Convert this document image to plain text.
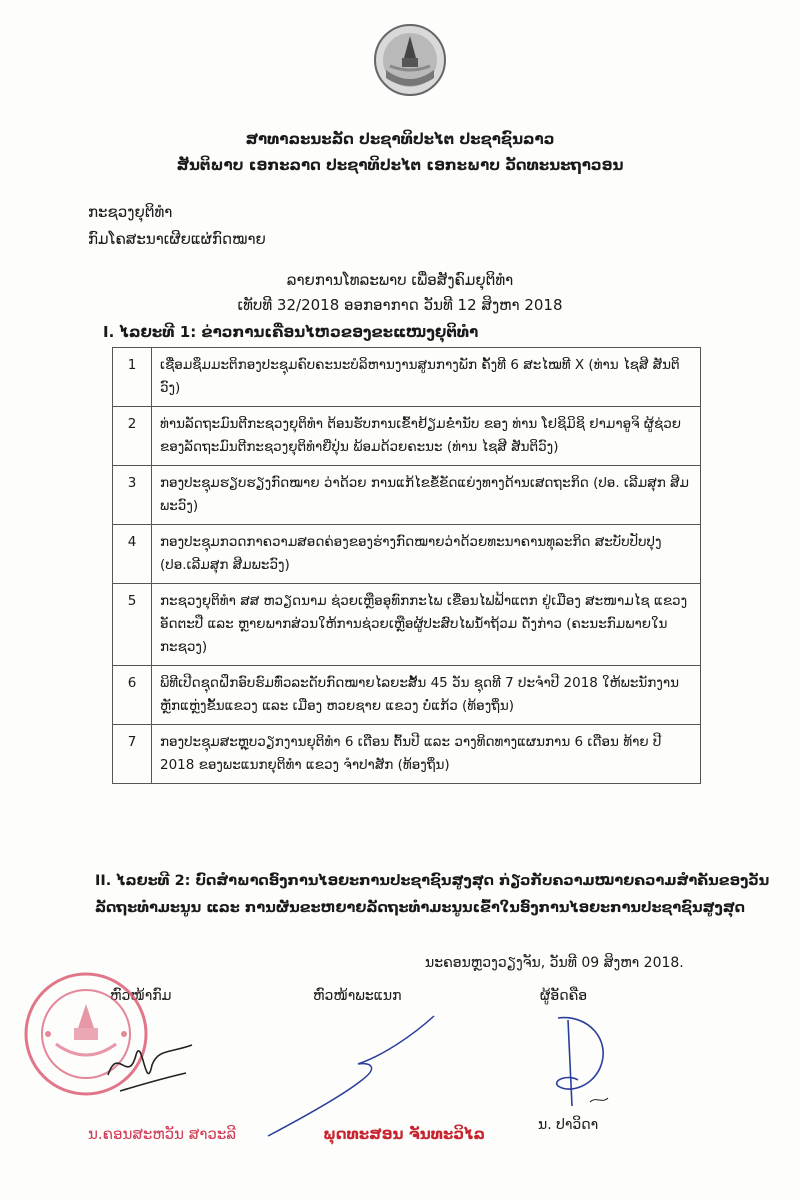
ສາທາລະນະລັດ ປະຊາທິປະໄຕ ປະຊາຊົນລາວ
ສັນຕິພາບ ເອກະລາດ ປະຊາທິປະໄຕ ເອກະພາບ ວັດທະນະຖາວອນ
ກະຊວງຍຸຕິທຳ
ກົມໂຄສະນາເຜີຍແຜ່ກົດໝາຍ
ລາຍການໂທລະພາບ ເພື່ອສັງຄົມຍຸຕິທຳ
ເທັບທີ 32/2018 ອອກອາກາດ ວັນທີ 12 ສິງຫາ 2018
I. ໄລຍະທີ 1: ຂ່າວການເຄື່ອນໄຫວຂອງຂະແໜງຍຸຕິທຳ
1	ເຊື່ອມຊຶມມະຕິກອງປະຊຸມຄົບຄະນະບໍລິຫານງານສູນກາງພັກ ຄັ້ງທີ 6 ສະໄໝທີ X (ທ່ານ ໄຊສີ ສັນຕິວົງ)
2	ທ່ານລັດຖະມົນຕີກະຊວງຍຸຕິທຳ ຕ້ອນຮັບການເຂົ້າຢ້ຽມຂໍ່ານັບ ຂອງ ທ່ານ ໂຢຊິມິຊິ ຢາມາອູຈິ ຜູ້ຊ່ວຍຂອງລັດຖະມົນຕີກະຊວງຍຸຕິທຳຍີ່ປຸ່ນ ພ້ອມດ້ວຍຄະນະ (ທ່ານ ໄຊສີ ສັນຕິວົງ)
3	ກອງປະຊຸມຮຽບຮຽງກົດໝາຍ ວ່າດ້ວຍ ການແກ້ໄຂຂໍ້ຂັດແຍ່ງທາງດ້ານເສດຖະກິດ (ປອ. ເລີມສຸກ ສີມພະວົງ)
4	ກອງປະຊຸມກວດກາຄວາມສອດຄ່ອງຂອງຮ່າງກົດໝາຍວ່າດ້ວຍທະນາຄານທຸລະກິດ ສະບັບປັບປຸງ (ປອ.ເລີມສຸກ ສີມພະວົງ)
5	ກະຊວງຍຸຕິທຳ ສສ ຫວຽດນາມ ຊ່ວຍເຫຼືອອຸທົກກະໄພ ເຂື່ອນໄຟຟ້າແຕກ ຢູ່ເມືອງ ສະໜາມໄຊ ແຂວງ ອັດຕະປື ແລະ ຫຼາຍພາກສ່ວນໃຫ້ການຊ່ວຍເຫຼືອຜູ້ປະສົບໄພນໍ້າຖ້ວມ ດັ່ງກ່າວ (ຄະນະກົມພາຍໃນກະຊວງ)
6	ພິທີເປີດຊຸດຝຶກອົບຮົມທົ່ວລະດັບກົດໝາຍໄລຍະສັ້ນ 45 ວັນ ຊຸດທີ 7 ປະຈຳປີ 2018 ໃຫ້ພະນັກງານຫຼັກແຫຼ່ງຂັ້ນແຂວງ ແລະ ເມືອງ ຫວຍຊາຍ ແຂວງ ບໍ່ແກ້ວ (ທ້ອງຖິ່ນ)
7	ກອງປະຊຸມສະຫຼຸບວຽກງານຍຸຕິທຳ 6 ເດືອນ ຕົ້ນປີ ແລະ ວາງທິດທາງແຜນການ 6 ເດືອນ ທ້າຍ ປີ 2018 ຂອງພະແນກຍຸຕິທຳ ແຂວງ ຈຳປາສັກ (ທ້ອງຖິ່ນ)
II. ໄລຍະທີ 2: ບົດສຳພາດອົງການໄອຍະການປະຊາຊົນສູງສຸດ ກ່ຽວກັບຄວາມໝາຍຄວາມສຳຄັນຂອງວັນລັດຖະທຳມະນູນ ແລະ ການຜັນຂະຫຍາຍລັດຖະທຳມະນູນເຂົ້າໃນອົງການໄອຍະການປະຊາຊົນສູງສຸດ
ນະຄອນຫຼວງວຽງຈັນ, ວັນທີ 09 ສິງຫາ 2018.
ຫົວໜ້າກົມ	ຫົວໜ້າພະແນກ	ຜູ້ອັດຄືອ
ນ.ຄອນສະຫວັນ ສາວະລີ	ພຸດທະສອນ ຈັນທະວິໄລ	ນ. ປາວິດາ
